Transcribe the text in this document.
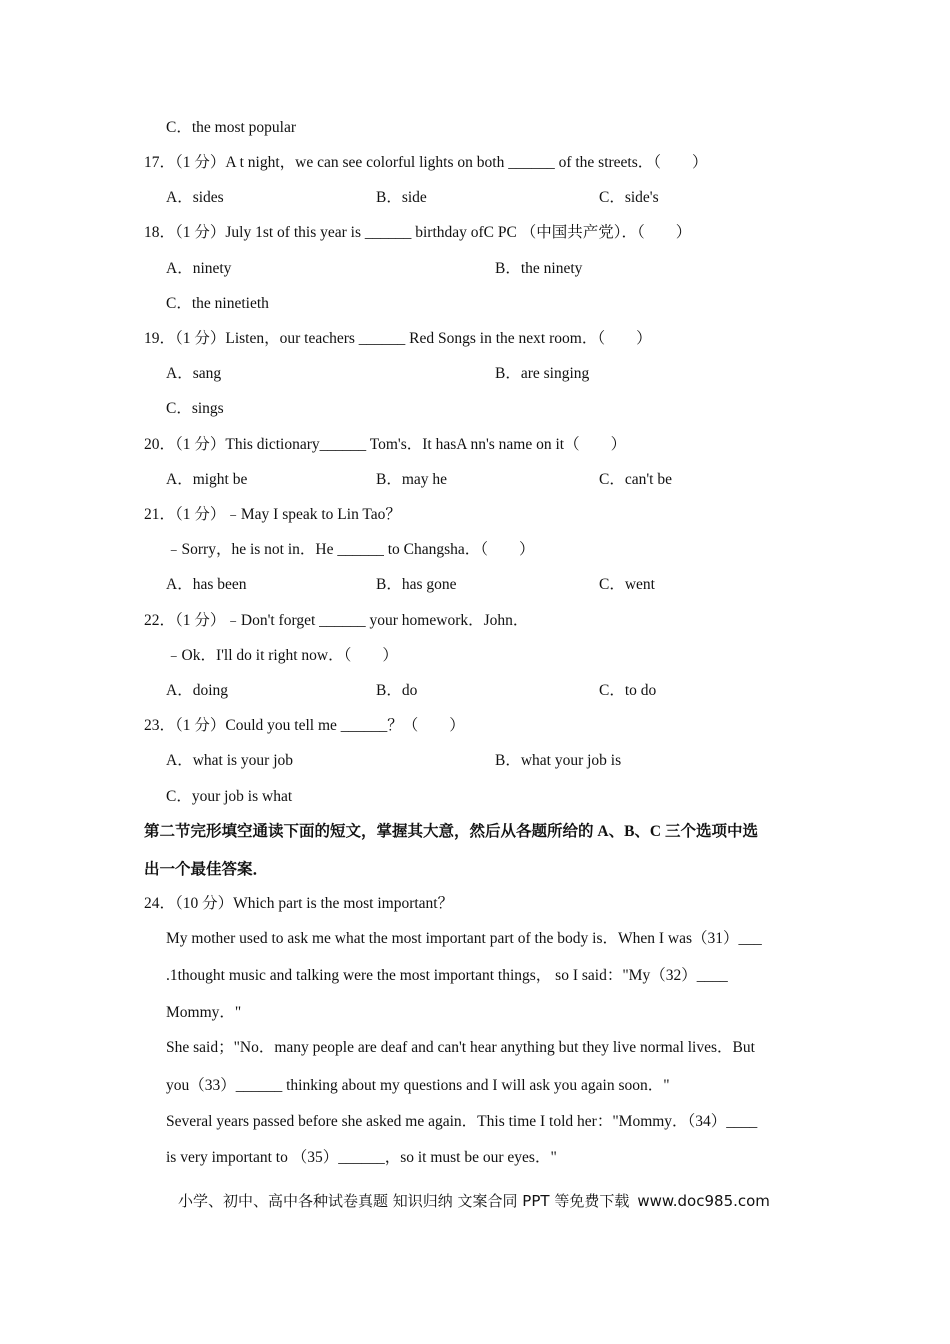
C．the most popular
17．（1 分）A t night，we can see colorful lights on both ______ of the streets．（　　）
A．sides	B．side	C．side's
18．（1 分）July 1st of this year is ______ birthday ofC PC （中国共产党）．（　　）
A．ninety	B．the ninety
C．the ninetieth
19．（1 分）Listen，our teachers ______ Red Songs in the next room．（　　）
A．sang	B．are singing
C．sings
20．（1 分）This dictionary______ Tom's．It hasA nn's name on it（　　）
A．might be	B．may he	C．can't be
21．（1 分）﹣May I speak to Lin Tao？
﹣Sorry，he is not in．He ______ to Changsha．（　　）
A．has been	B．has gone	C．went
22．（1 分）﹣Don't forget ______ your homework．John．
﹣Ok．I'll do it right now．（　　）
A．doing	B．do	C．to do
23．（1 分）Could you tell me ______？（　　）
A．what is your job	B．what your job is
C．your job is what
第二节完形填空通读下面的短文，掌握其大意，然后从各题所给的 A、B、C 三个选项中选
出一个最佳答案．
24．（10 分）Which part is the most important？
My mother used to ask me what the most important part of the body is．When I was（31）___
.1thought music and talking were the most important things， so I said："My（32）____
Mommy．"
She said；"No．many people are deaf and can't hear anything but they live normal lives．But
you（33）______ thinking about my questions and I will ask you again soon．"
Several years passed before she asked me again．This time I told her："Mommy．（34）____
is very important to （35）______，so it must be our eyes．"
小学、初中、高中各种试卷真题 知识归纳 文案合同 PPT 等免费下载 www.doc985.com
